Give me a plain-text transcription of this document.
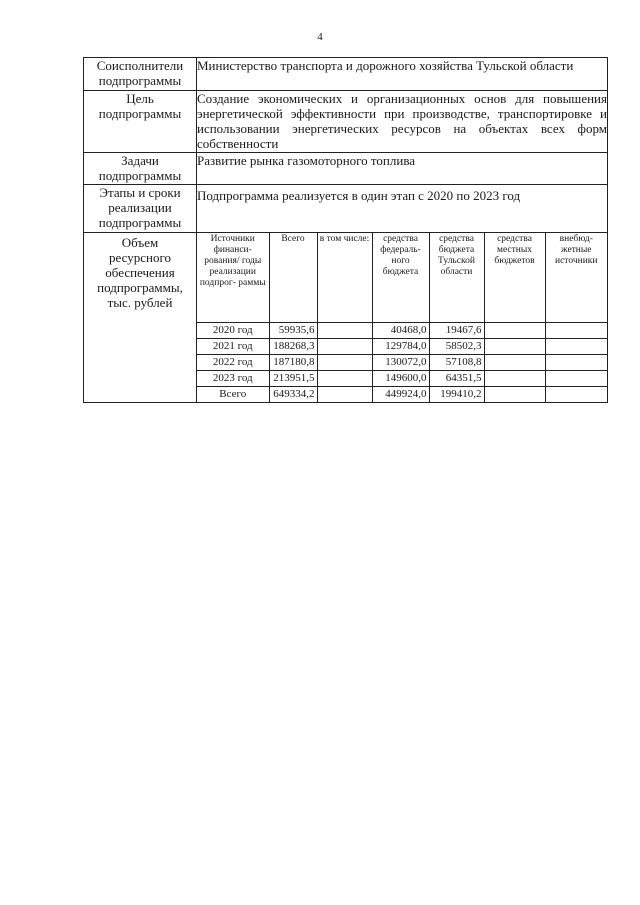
4
Соисполнители
подпрограммы
	Министерство транспорта и дорожного хозяйства Тульской области

Цель
подпрограммы
	Создание экономических и организационных основ для повышения энергетической эффективности при производстве, транспортировке и использовании энергетических ресурсов на объектах всех форм собственности

Задачи
подпрограммы
	Развитие рынка газомоторного топлива

Этапы и сроки
реализации
подпрограммы
	Подпрограмма реализуется в один этап с 2020 по 2023 год

Объем
ресурсного
обеспечения
подпрограммы,
тыс. рублей

Источники финанси- рования/ годы реализации подпрог- раммы	Всего	в том числе:	средства федераль- ного бюджета	средства бюджета Тульской области	средства местных бюджетов	внебюд- жетные источники
2020 год	59935,6		40468,0	19467,6		
2021 год	188268,3		129784,0	58502,3		
2022 год	187180,8		130072,0	57108,8		
2023 год	213951,5		149600,0	64351,5		
Всего	649334,2		449924,0	199410,2		
